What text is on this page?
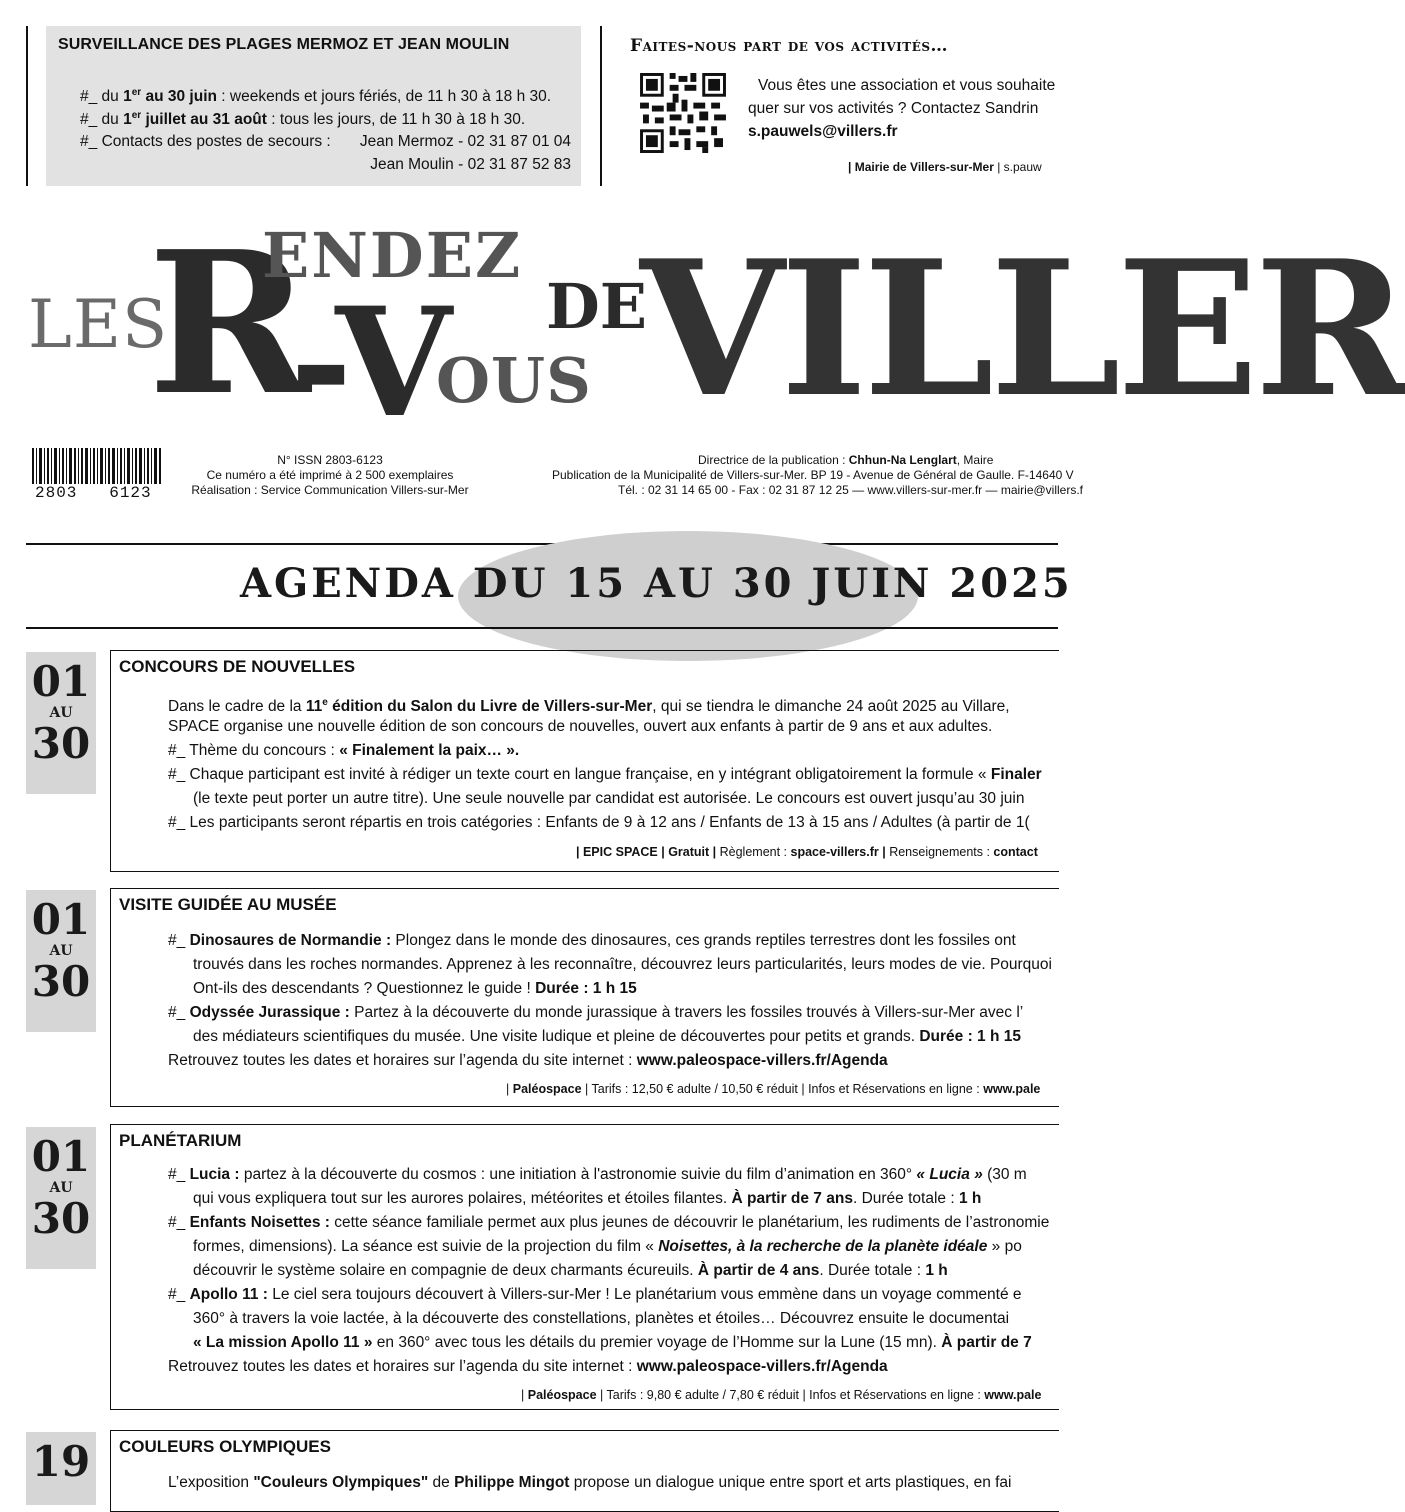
SURVEILLANCE DES PLAGES MERMOZ ET JEAN MOULIN
#_ du 1er au 30 juin : weekends et jours fériés, de 11 h 30 à 18 h 30.
#_ du 1er juillet au 31 août : tous les jours, de 11 h 30 à 18 h 30.
#_ Contacts des postes de secours : Jean Mermoz - 02 31 87 01 04
Jean Moulin - 02 31 87 52 83
Faites-nous part de vos activités…
Vous êtes une association et vous souhaite
quer sur vos activités ? Contactez Sandrin
s.pauwels@villers.fr
| Mairie de Villers-sur-Mer | s.pauw
LES
R
ENDEZ
-V
OUS
DE
VILLER
2803 6123
N° ISSN 2803-6123
Ce numéro a été imprimé à 2 500 exemplaires
Réalisation : Service Communication Villers-sur-Mer
Directrice de la publication : Chhun-Na Lenglart, Maire
Publication de la Municipalité de Villers-sur-Mer. BP 19 - Avenue de Général de Gaulle. F-14640 V
Tél. : 02 31 14 65 00 - Fax : 02 31 87 12 25 — www.villers-sur-mer.fr — mairie@villers.f
AGENDA DU 15 AU 30 JUIN 2025
01
AU
30
CONCOURS DE NOUVELLES
Dans le cadre de la 11e édition du Salon du Livre de Villers-sur-Mer, qui se tiendra le dimanche 24 août 2025 au Villare,
SPACE organise une nouvelle édition de son concours de nouvelles, ouvert aux enfants à partir de 9 ans et aux adultes.
#_ Thème du concours : « Finalement la paix… ».
#_ Chaque participant est invité à rédiger un texte court en langue française, en y intégrant obligatoirement la formule « Finaler
(le texte peut porter un autre titre). Une seule nouvelle par candidat est autorisée. Le concours est ouvert jusqu’au 30 juin
#_ Les participants seront répartis en trois catégories : Enfants de 9 à 12 ans / Enfants de 13 à 15 ans / Adultes (à partir de 1(
| EPIC SPACE | Gratuit | Règlement : space-villers.fr | Renseignements : contact
01
AU
30
VISITE GUIDÉE AU MUSÉE
#_ Dinosaures de Normandie : Plongez dans le monde des dinosaures, ces grands reptiles terrestres dont les fossiles ont
trouvés dans les roches normandes. Apprenez à les reconnaître, découvrez leurs particularités, leurs modes de vie. Pourquoi
Ont-ils des descendants ? Questionnez le guide ! Durée : 1 h 15
#_ Odyssée Jurassique : Partez à la découverte du monde jurassique à travers les fossiles trouvés à Villers-sur-Mer avec l’
des médiateurs scientifiques du musée. Une visite ludique et pleine de découvertes pour petits et grands. Durée : 1 h 15
Retrouvez toutes les dates et horaires sur l’agenda du site internet : www.paleospace-villers.fr/Agenda
| Paléospace | Tarifs : 12,50 € adulte / 10,50 € réduit | Infos et Réservations en ligne : www.pale
01
AU
30
PLANÉTARIUM
#_ Lucia : partez à la découverte du cosmos : une initiation à l'astronomie suivie du film d’animation en 360° « Lucia » (30 m
qui vous expliquera tout sur les aurores polaires, météorites et étoiles filantes. À partir de 7 ans. Durée totale : 1 h
#_ Enfants Noisettes : cette séance familiale permet aux plus jeunes de découvrir le planétarium, les rudiments de l’astronomie
formes, dimensions). La séance est suivie de la projection du film « Noisettes, à la recherche de la planète idéale » po
découvrir le système solaire en compagnie de deux charmants écureuils. À partir de 4 ans. Durée totale : 1 h
#_ Apollo 11 : Le ciel sera toujours découvert à Villers-sur-Mer ! Le planétarium vous emmène dans un voyage commenté e
360° à travers la voie lactée, à la découverte des constellations, planètes et étoiles… Découvrez ensuite le documentai
« La mission Apollo 11 » en 360° avec tous les détails du premier voyage de l’Homme sur la Lune (15 mn). À partir de 7
Retrouvez toutes les dates et horaires sur l’agenda du site internet : www.paleospace-villers.fr/Agenda
| Paléospace | Tarifs : 9,80 € adulte / 7,80 € réduit | Infos et Réservations en ligne : www.pale
19	COULEURS OLYMPIQUES
L’exposition "Couleurs Olympiques" de Philippe Mingot propose un dialogue unique entre sport et arts plastiques, en fai
